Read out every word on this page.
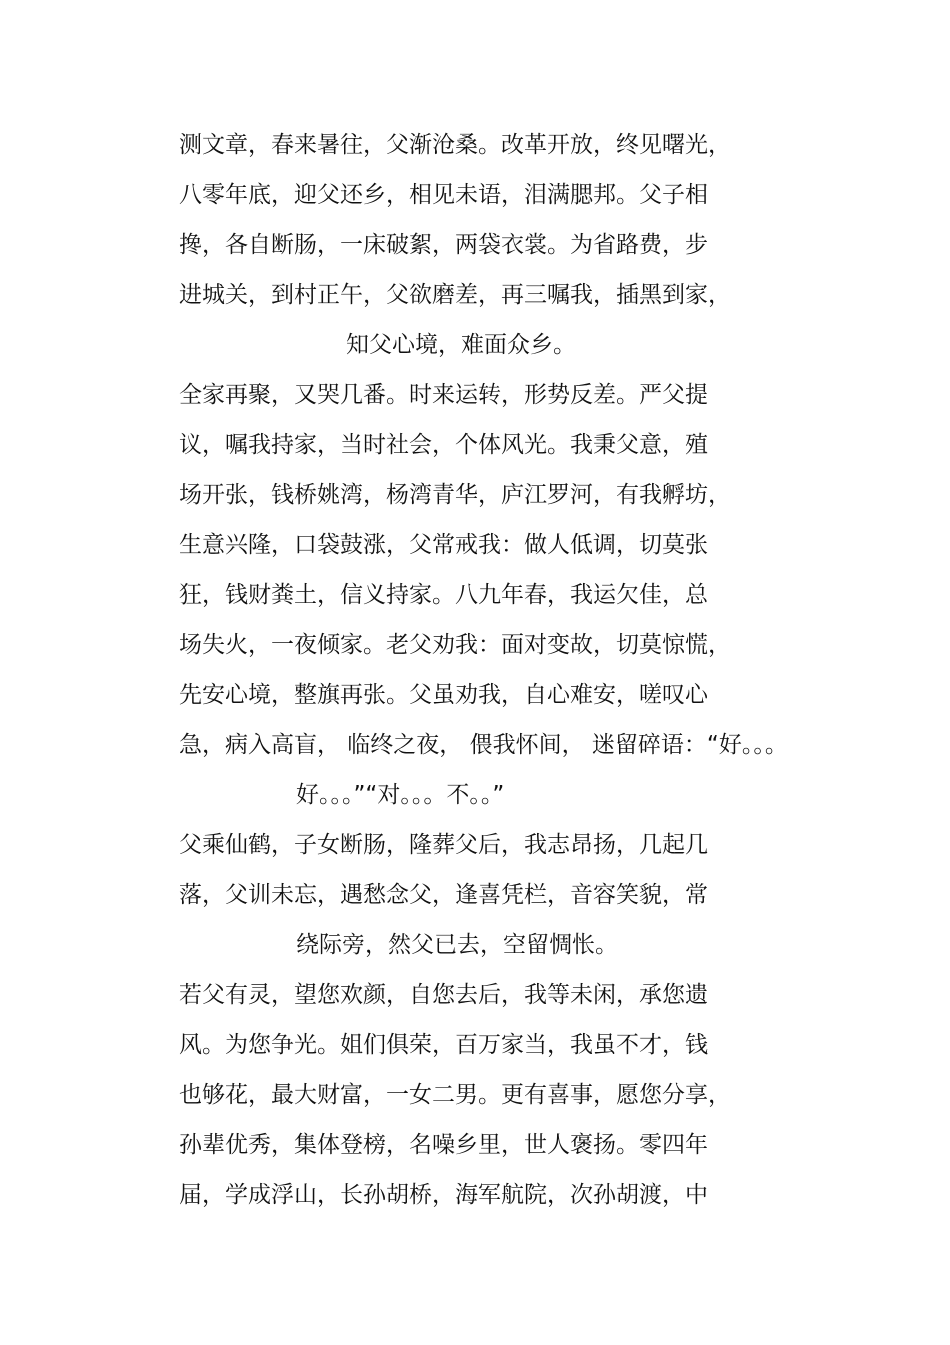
测文章，春来暑往，父渐沧桑。改革开放，终见曙光，
八零年底，迎父还乡，相见未语，泪满腮邦。父子相
搀，各自断肠，一床破絮，两袋衣裳。为省路费，步
进城关，到村正午，父欲磨差，再三嘱我，插黑到家，
知父心境，难面众乡。
全家再聚，又哭几番。时来运转，形势反差。严父提
议，嘱我持家，当时社会，个体风光。我秉父意，殖
场开张，钱桥姚湾，杨湾青华，庐江罗河，有我孵坊，
生意兴隆，口袋鼓涨，父常戒我：做人低调，切莫张
狂，钱财粪土，信义持家。八九年春，我运欠佳，总
场失火，一夜倾家。老父劝我：面对变故，切莫惊慌，
先安心境，整旗再张。父虽劝我，自心难安，嗟叹心
急，病入高盲， 临终之夜， 偎我怀间， 迷留碎语：“好。。。
好。。。”“对。。。不。。”
父乘仙鹤，子女断肠，隆葬父后，我志昂扬，几起几
落，父训未忘，遇愁念父，逢喜凭栏，音容笑貌，常
绕际旁，然父已去，空留惆怅。
若父有灵，望您欢颜，自您去后，我等未闲，承您遗
风。为您争光。姐们俱荣，百万家当，我虽不才，钱
也够花，最大财富，一女二男。更有喜事，愿您分享，
孙辈优秀，集体登榜，名噪乡里，世人褒扬。零四年
届，学成浮山，长孙胡桥，海军航院，次孙胡渡，中
